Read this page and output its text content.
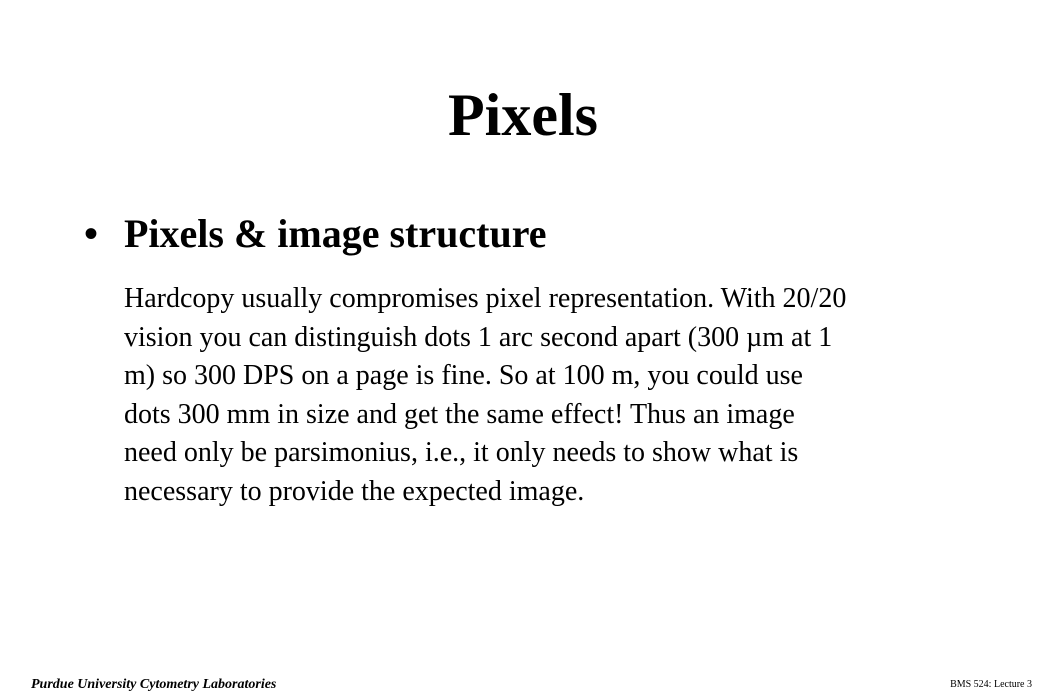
Pixels
• Pixels & image structure
Hardcopy usually compromises pixel representation. With 20/20
vision you can distinguish dots 1 arc second apart (300 µm at 1
m) so 300 DPS on a page is fine. So at 100 m, you could use
dots 300 mm in size and get the same effect! Thus an image
need only be parsimonius, i.e., it only needs to show what is
necessary to provide the expected image.
Purdue University Cytometry Laboratories	BMS 524: Lecture 3
